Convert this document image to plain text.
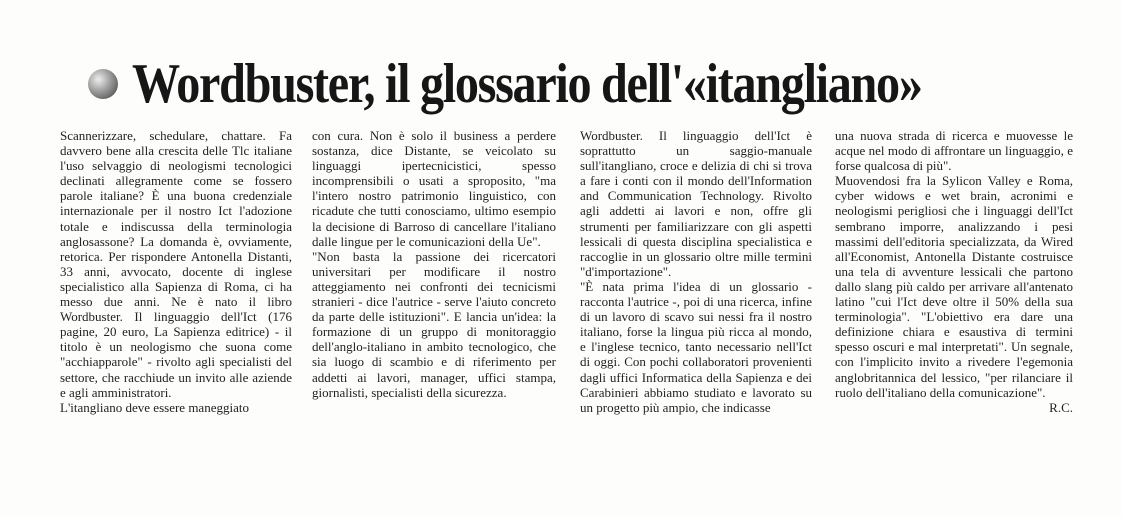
Wordbuster, il glossario dell'«itangliano»

Scannerizzare, schedulare, chattare. Fa davvero bene alla crescita delle Tlc italiane l'uso selvaggio di neologismi tecnologici declinati allegramente come se fossero parole italiane? È una buona credenziale internazionale per il nostro Ict l'adozione totale e indiscussa della terminologia anglosassone? La domanda è, ovviamente, retorica. Per rispondere Antonella Distanti, 33 anni, avvocato, docente di inglese specialistico alla Sapienza di Roma, ci ha messo due anni. Ne è nato il libro Wordbuster. Il linguaggio dell'Ict (176 pagine, 20 euro, La Sapienza editrice) - il titolo è un neologismo che suona come "acchiapparole" - rivolto agli specialisti del settore, che racchiude un invito alle aziende e agli amministratori.

L'itangliano deve essere maneggiato

con cura. Non è solo il business a perdere sostanza, dice Distante, se veicolato su linguaggi ipertecnicistici, spesso incomprensibili o usati a sproposito, "ma l'intero nostro patrimonio linguistico, con ricadute che tutti conosciamo, ultimo esempio la decisione di Barroso di cancellare l'italiano dalle lingue per le comunicazioni della Ue".

"Non basta la passione dei ricercatori universitari per modificare il nostro atteggiamento nei confronti dei tecnicismi stranieri - dice l'autrice - serve l'aiuto concreto da parte delle istituzioni". E lancia un'idea: la formazione di un gruppo di monitoraggio dell'anglo-italiano in ambito tecnologico, che sia luogo di scambio e di riferimento per addetti ai lavori, manager, uffici stampa, giornalisti, specialisti della sicurezza.

Wordbuster. Il linguaggio dell'Ict è soprattutto un saggio-manuale sull'itangliano, croce e delizia di chi si trova a fare i conti con il mondo dell'Information and Communication Technology. Rivolto agli addetti ai lavori e non, offre gli strumenti per familiarizzare con gli aspetti lessicali di questa disciplina specialistica e raccoglie in un glossario oltre mille termini "d'importazione".

"È nata prima l'idea di un glossario - racconta l'autrice -, poi di una ricerca, infine di un lavoro di scavo sui nessi fra il nostro italiano, forse la lingua più ricca al mondo, e l'inglese tecnico, tanto necessario nell'Ict di oggi. Con pochi collaboratori provenienti dagli uffici Informatica della Sapienza e dei Carabinieri abbiamo studiato e lavorato su un progetto più ampio, che indicasse

una nuova strada di ricerca e muovesse le acque nel modo di affrontare un linguaggio, e forse qualcosa di più".

Muovendosi fra la Sylicon Valley e Roma, cyber widows e wet brain, acronimi e neologismi perigliosi che i linguaggi dell'Ict sembrano imporre, analizzando i pesi massimi dell'editoria specializzata, da Wired all'Economist, Antonella Distante costruisce una tela di avventure lessicali che partono dallo slang più caldo per arrivare all'antenato latino "cui l'Ict deve oltre il 50% della sua terminologia". "L'obiettivo era dare una definizione chiara e esaustiva di termini spesso oscuri e mal interpretati". Un segnale, con l'implicito invito a rivedere l'egemonia anglobritannica del lessico, "per rilanciare il ruolo dell'italiano della comunicazione".

R.C.
